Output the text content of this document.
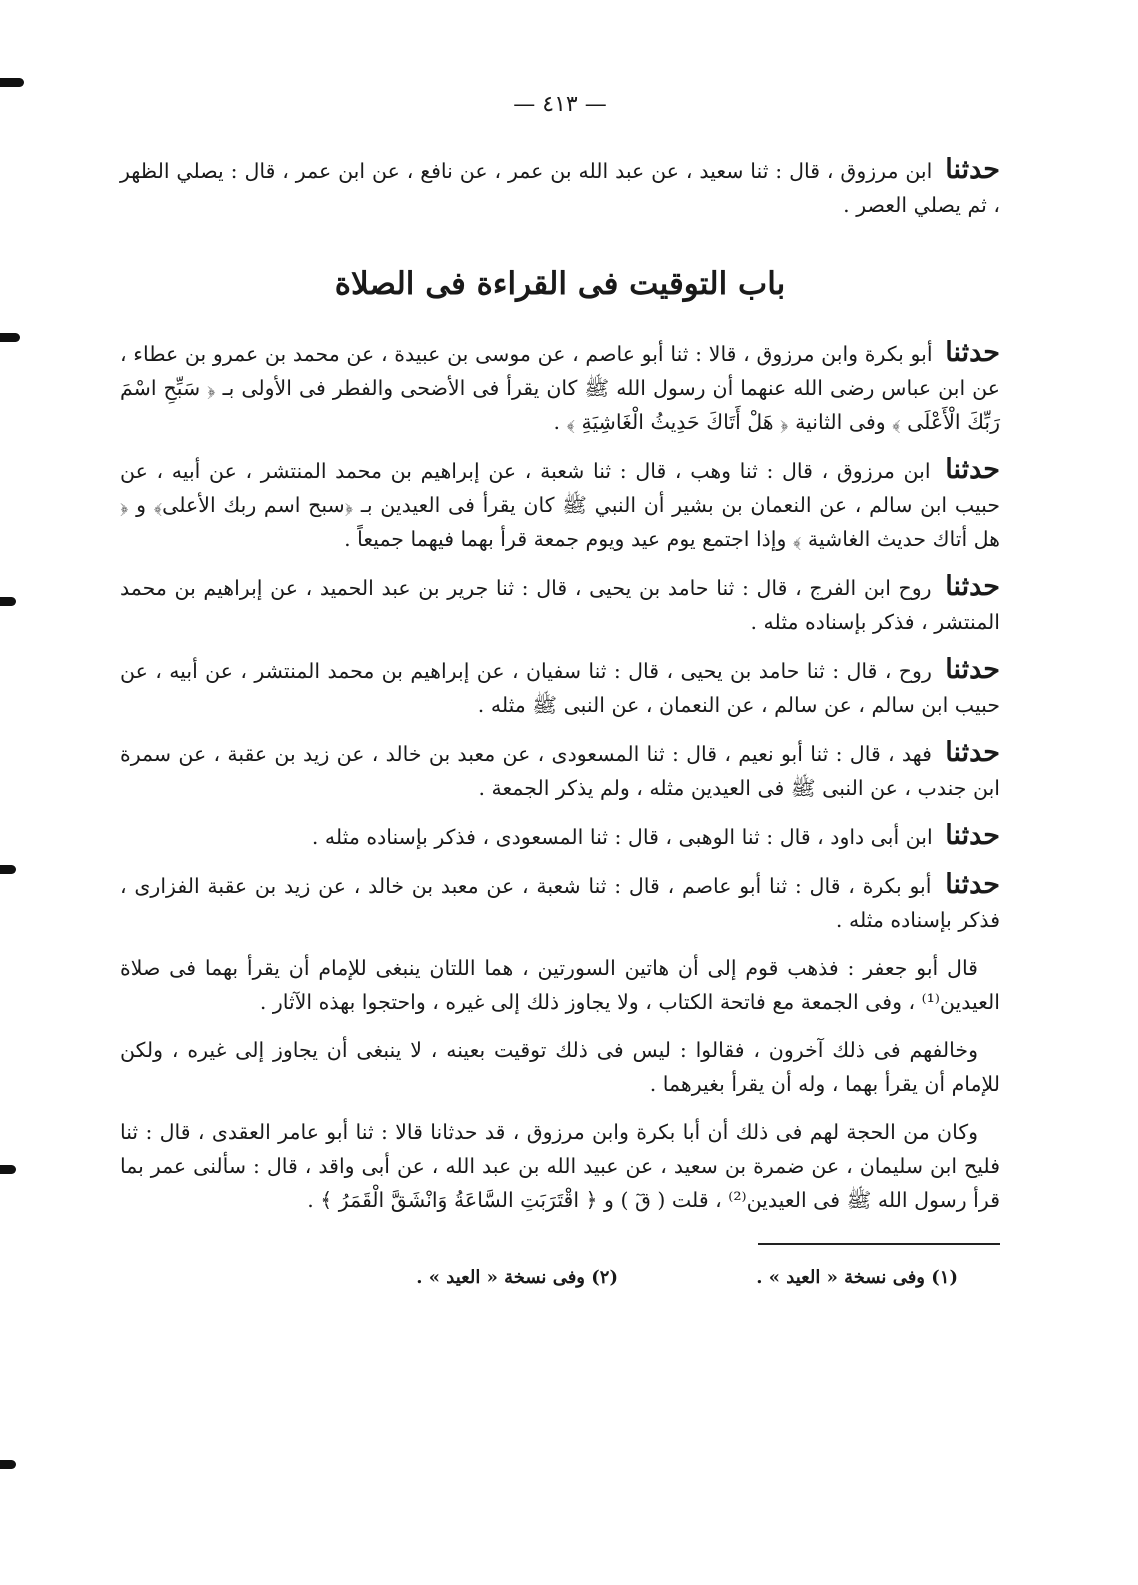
— ٤١٣ —

حدثنا ابن مرزوق ، قال : ثنا سعيد ، عن عبد الله بن عمر ، عن نافع ، عن ابن عمر ، قال : يصلي الظهر ، ثم يصلي العصر .

باب التوقيت فى القراءة فى الصلاة

حدثنا أبو بكرة وابن مرزوق ، قالا : ثنا أبو عاصم ، عن موسى بن عبيدة ، عن محمد بن عمرو بن عطاء ، عن ابن عباس رضى الله عنهما أن رسول الله ﷺ كان يقرأ فى الأضحى والفطر فى الأولى بـ ﴿ سَبِّحِ اسْمَ رَبِّكَ الْأَعْلَى ﴾ وفى الثانية ﴿ هَلْ أَتَاكَ حَدِيثُ الْغَاشِيَةِ ﴾ .

حدثنا ابن مرزوق ، قال : ثنا وهب ، قال : ثنا شعبة ، عن إبراهيم بن محمد المنتشر ، عن أبيه ، عن حبيب ابن سالم ، عن النعمان بن بشير أن النبي ﷺ كان يقرأ فى العيدين بـ ﴿سبح اسم ربك الأعلى﴾ و ﴿ هل أتاك حديث الغاشية ﴾ وإذا اجتمع يوم عيد ويوم جمعة قرأ بهما فيهما جميعاً .

حدثنا روح ابن الفرج ، قال : ثنا حامد بن يحيى ، قال : ثنا جرير بن عبد الحميد ، عن إبراهيم بن محمد المنتشر ، فذكر بإسناده مثله .

حدثنا روح ، قال : ثنا حامد بن يحيى ، قال : ثنا سفيان ، عن إبراهيم بن محمد المنتشر ، عن أبيه ، عن حبيب ابن سالم ، عن سالم ، عن النعمان ، عن النبى ﷺ مثله .

حدثنا فهد ، قال : ثنا أبو نعيم ، قال : ثنا المسعودى ، عن معبد بن خالد ، عن زيد بن عقبة ، عن سمرة ابن جندب ، عن النبى ﷺ فى العيدين مثله ، ولم يذكر الجمعة .

حدثنا ابن أبى داود ، قال : ثنا الوهبى ، قال : ثنا المسعودى ، فذكر بإسناده مثله .

حدثنا أبو بكرة ، قال : ثنا أبو عاصم ، قال : ثنا شعبة ، عن معبد بن خالد ، عن زيد بن عقبة الفزارى ، فذكر بإسناده مثله .

قال أبو جعفر : فذهب قوم إلى أن هاتين السورتين ، هما اللتان ينبغى للإمام أن يقرأ بهما فى صلاة العيدين⁽¹⁾ ، وفى الجمعة مع فاتحة الكتاب ، ولا يجاوز ذلك إلى غيره ، واحتجوا بهذه الآثار .

وخالفهم فى ذلك آخرون ، فقالوا : ليس فى ذلك توقيت بعينه ، لا ينبغى أن يجاوز إلى غيره ، ولكن للإمام أن يقرأ بهما ، وله أن يقرأ بغيرهما .

وكان من الحجة لهم فى ذلك أن أبا بكرة وابن مرزوق ، قد حدثانا قالا : ثنا أبو عامر العقدى ، قال : ثنا فليح ابن سليمان ، عن ضمرة بن سعيد ، عن عبيد الله بن عبد الله ، عن أبى واقد ، قال : سألنى عمر بما قرأ رسول الله ﷺ فى العيدين⁽²⁾ ، قلت ( قٓ ) و ﴿ اقْتَرَبَتِ السَّاعَةُ وَانْشَقَّ الْقَمَرُ ﴾ .

(١) وفى نسخة « العيد » .
(٢) وفى نسخة « العيد » .
